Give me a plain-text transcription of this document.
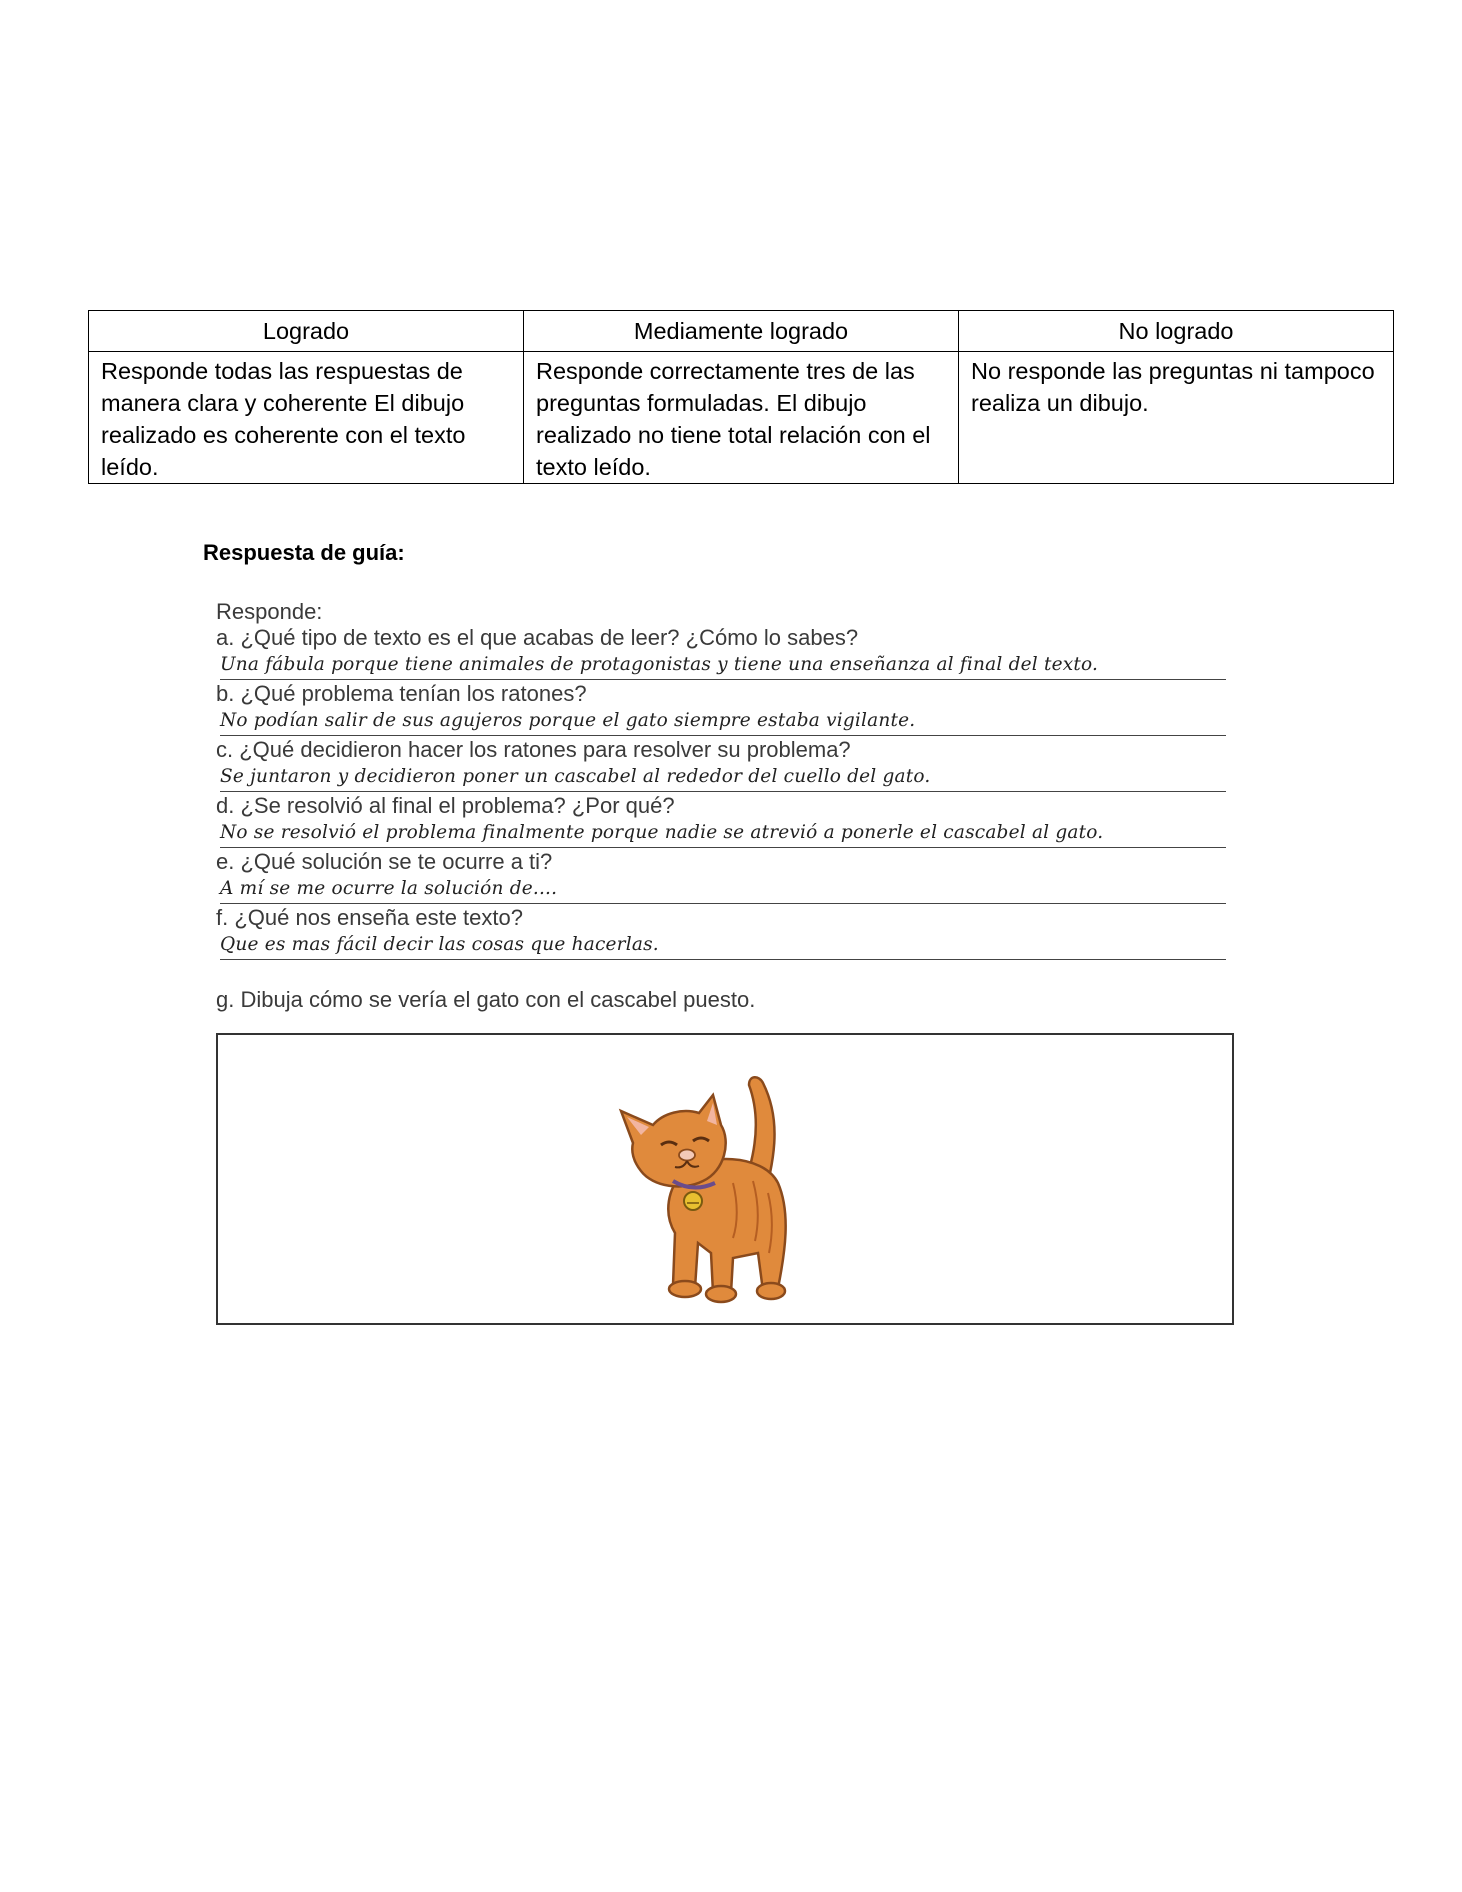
Logrado	Mediamente logrado	No logrado
Responde todas las respuestas de manera clara y coherente El dibujo realizado es coherente con el texto leído.	Responde correctamente tres de las preguntas formuladas. El dibujo realizado no tiene total relación con el texto leído.	No responde las preguntas ni tampoco realiza un dibujo.
Respuesta de guía:
Responde:
a. ¿Qué tipo de texto es el que acabas de leer? ¿Cómo lo sabes?
Una fábula porque tiene animales de protagonistas y tiene una enseñanza al final del texto.
b. ¿Qué problema tenían los ratones?
No podían salir de sus agujeros porque el gato siempre estaba vigilante.
c. ¿Qué decidieron hacer los ratones para resolver su problema?
Se juntaron y decidieron poner un cascabel al rededor del cuello del gato.
d. ¿Se resolvió al final el problema? ¿Por qué?
No se resolvió el problema finalmente porque nadie se atrevió a ponerle el cascabel al gato.
e. ¿Qué solución se te ocurre a ti?
A mí se me ocurre la solución de....
f. ¿Qué nos enseña este texto?
Que es mas fácil decir las cosas que hacerlas.
g. Dibuja cómo se vería el gato con el cascabel puesto.
